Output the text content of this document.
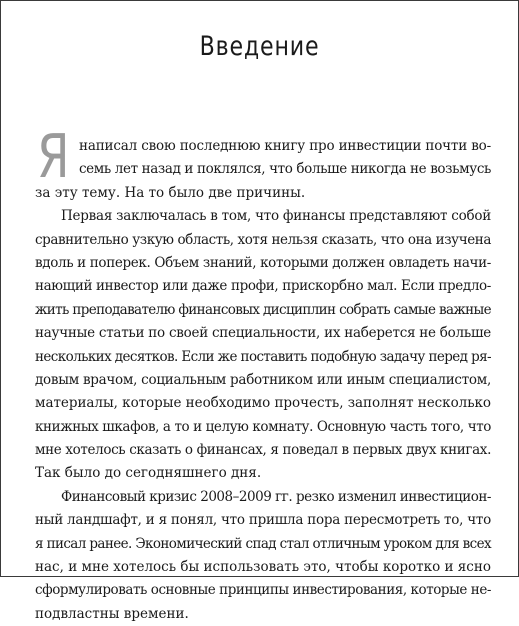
Введение
Я написал свою последнюю книгу про инвестиции почти во-
семь лет назад и поклялся, что больше никогда не возьмусь
за эту тему. На то было две причины.
Первая заключалась в том, что финансы представляют собой
сравнительно узкую область, хотя нельзя сказать, что она изучена
вдоль и поперек. Объем знаний, которыми должен овладеть начи-
нающий инвестор или даже профи, прискорбно мал. Если предло-
жить преподавателю финансовых дисциплин собрать самые важные
научные статьи по своей специальности, их наберется не больше
нескольких десятков. Если же поставить подобную задачу перед ря-
довым врачом, социальным работником или иным специалистом,
материалы, которые необходимо прочесть, заполнят несколько
книжных шкафов, а то и целую комнату. Основную часть того, что
мне хотелось сказать о финансах, я поведал в первых двух книгах.
Так было до сегодняшнего дня.
Финансовый кризис 2008–2009 гг. резко изменил инвестицион-
ный ландшафт, и я понял, что пришла пора пересмотреть то, что
я писал ранее. Экономический спад стал отличным уроком для всех
нас, и мне хотелось бы использовать это, чтобы коротко и ясно
сформулировать основные принципы инвестирования, которые не-
подвластны времени.
